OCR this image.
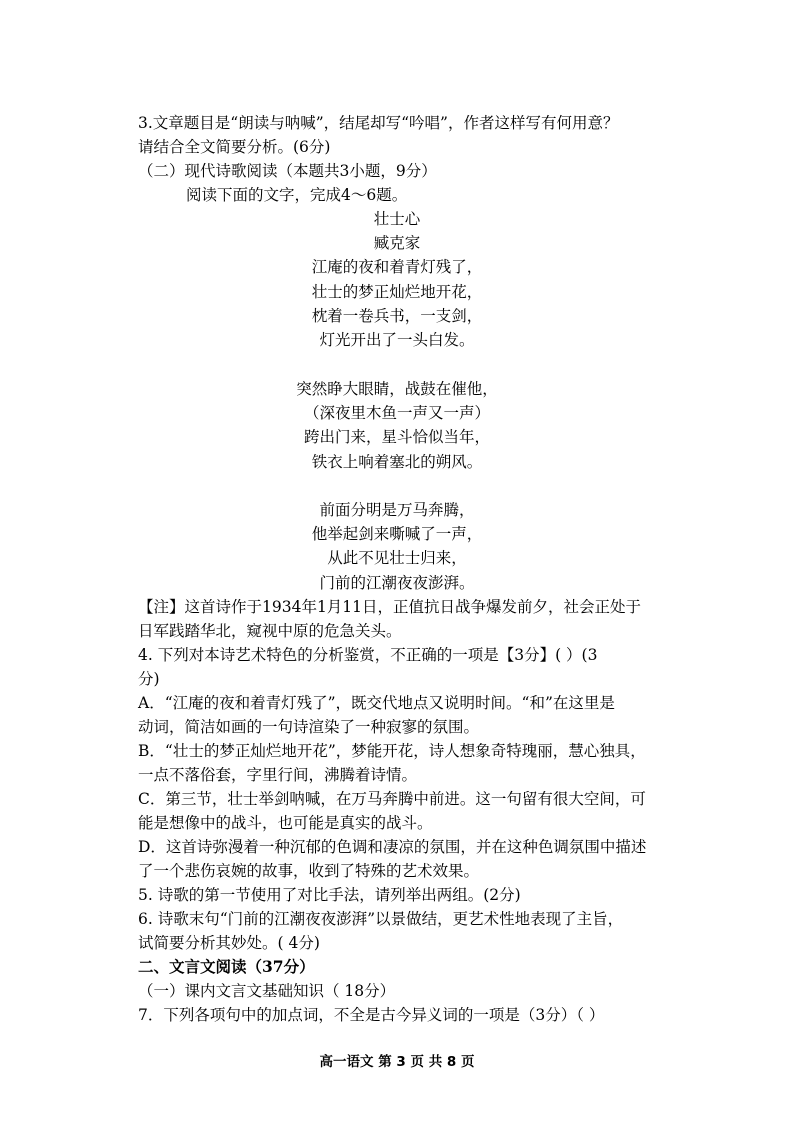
3.文章题目是“朗读与呐喊”，结尾却写“吟唱”，作者这样写有何用意？
请结合全文简要分析。(6分)
（二）现代诗歌阅读（本题共3小题，9分）
阅读下面的文字，完成4～6题。
壮士心
臧克家
江庵的夜和着青灯残了，
壮士的梦正灿烂地开花，
枕着一卷兵书，一支剑，
灯光开出了一头白发。
突然睁大眼睛，战鼓在催他，
（深夜里木鱼一声又一声）
跨出门来，星斗恰似当年，
铁衣上响着塞北的朔风。
前面分明是万马奔腾，
他举起剑来嘶喊了一声，
从此不见壮士归来，
门前的江潮夜夜澎湃。
【注】这首诗作于1934年1月11日，正值抗日战争爆发前夕，社会正处于
日军践踏华北，窥视中原的危急关头。
4. 下列对本诗艺术特色的分析鉴赏，不正确的一项是【3分】( ）(3
分)
A．“江庵的夜和着青灯残了”，既交代地点又说明时间。“和”在这里是
动词，简洁如画的一句诗渲染了一种寂寥的氛围。
B．“壮士的梦正灿烂地开花”，梦能开花，诗人想象奇特瑰丽，慧心独具，
一点不落俗套，字里行间，沸腾着诗情。
C．第三节，壮士举剑呐喊，在万马奔腾中前进。这一句留有很大空间，可
能是想像中的战斗，也可能是真实的战斗。
D．这首诗弥漫着一种沉郁的色调和凄凉的氛围，并在这种色调氛围中描述
了一个悲伤哀婉的故事，收到了特殊的艺术效果。
5. 诗歌的第一节使用了对比手法，请列举出两组。(2分)
6. 诗歌末句“门前的江潮夜夜澎湃”以景做结，更艺术性地表现了主旨，
试简要分析其妙处。( 4分)
二、文言文阅读（37分）
（一）课内文言文基础知识（ 18分）
7．下列各项句中的加点词，不全是古今异义词的一项是（3分）（ ）
高一语文 第 3 页 共 8 页
